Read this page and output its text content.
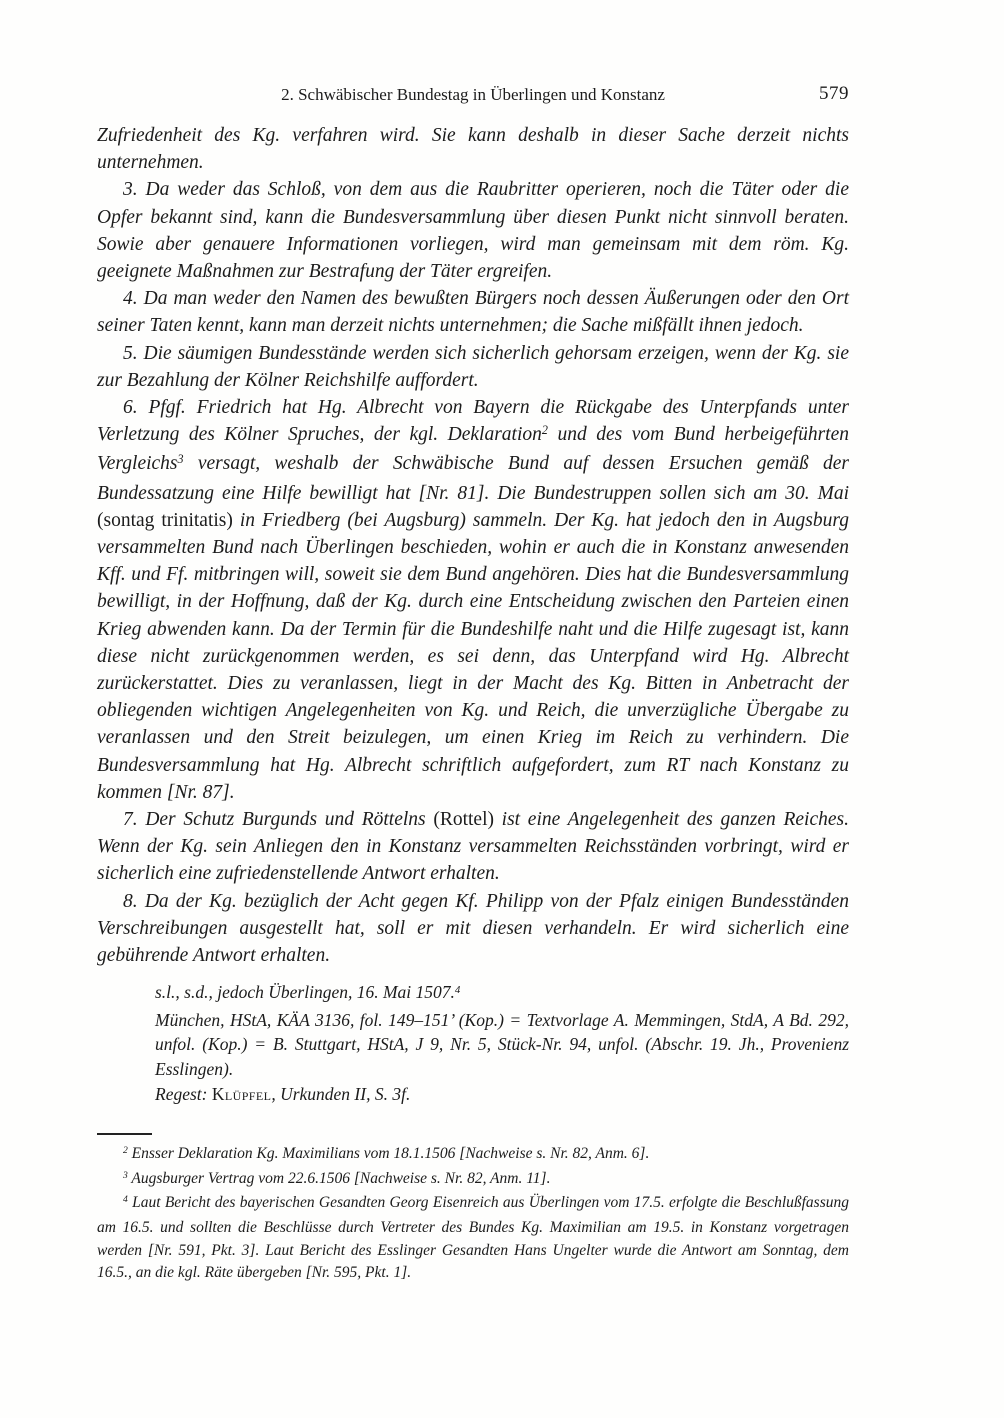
2. Schwäbischer Bundestag in Überlingen und Konstanz	579

Zufriedenheit des Kg. verfahren wird. Sie kann deshalb in dieser Sache derzeit nichts unternehmen.

3. Da weder das Schloß, von dem aus die Raubritter operieren, noch die Täter oder die Opfer bekannt sind, kann die Bundesversammlung über diesen Punkt nicht sinnvoll beraten. Sowie aber genauere Informationen vorliegen, wird man gemeinsam mit dem röm. Kg. geeignete Maßnahmen zur Bestrafung der Täter ergreifen.

4. Da man weder den Namen des bewußten Bürgers noch dessen Äußerungen oder den Ort seiner Taten kennt, kann man derzeit nichts unternehmen; die Sache mißfällt ihnen jedoch.

5. Die säumigen Bundesstände werden sich sicherlich gehorsam erzeigen, wenn der Kg. sie zur Bezahlung der Kölner Reichshilfe auffordert.

6. Pfgf. Friedrich hat Hg. Albrecht von Bayern die Rückgabe des Unterpfands unter Verletzung des Kölner Spruches, der kgl. Deklaration$^2$ und des vom Bund herbeigeführten Vergleichs$^3$ versagt, weshalb der Schwäbische Bund auf dessen Ersuchen gemäß der Bundessatzung eine Hilfe bewilligt hat [Nr. 81]. Die Bundestruppen sollen sich am 30. Mai (sontag trinitatis) in Friedberg (bei Augsburg) sammeln. Der Kg. hat jedoch den in Augsburg versammelten Bund nach Überlingen beschieden, wohin er auch die in Konstanz anwesenden Kff. und Ff. mitbringen will, soweit sie dem Bund angehören. Dies hat die Bundesversammlung bewilligt, in der Hoffnung, daß der Kg. durch eine Entscheidung zwischen den Parteien einen Krieg abwenden kann. Da der Termin für die Bundeshilfe naht und die Hilfe zugesagt ist, kann diese nicht zurückgenommen werden, es sei denn, das Unterpfand wird Hg. Albrecht zurückerstattet. Dies zu veranlassen, liegt in der Macht des Kg. Bitten in Anbetracht der obliegenden wichtigen Angelegenheiten von Kg. und Reich, die unverzügliche Übergabe zu veranlassen und den Streit beizulegen, um einen Krieg im Reich zu verhindern. Die Bundesversammlung hat Hg. Albrecht schriftlich aufgefordert, zum RT nach Konstanz zu kommen [Nr. 87].

7. Der Schutz Burgunds und Röttelns (Rottel) ist eine Angelegenheit des ganzen Reiches. Wenn der Kg. sein Anliegen den in Konstanz versammelten Reichsständen vorbringt, wird er sicherlich eine zufriedenstellende Antwort erhalten.

8. Da der Kg. bezüglich der Acht gegen Kf. Philipp von der Pfalz einigen Bundesständen Verschreibungen ausgestellt hat, soll er mit diesen verhandeln. Er wird sicherlich eine gebührende Antwort erhalten.

s.l., s.d., jedoch Überlingen, 16. Mai 1507.$^4$

München, HStA, KÄA 3136, fol. 149–151’ (Kop.) = Textvorlage A. Memmingen, StdA, A Bd. 292, unfol. (Kop.) = B. Stuttgart, HStA, J 9, Nr. 5, Stück-Nr. 94, unfol. (Abschr. 19. Jh., Provenienz Esslingen).

Regest: Klüpfel, Urkunden II, S. 3f.

$^2$ Ensser Deklaration Kg. Maximilians vom 18.1.1506 [Nachweise s. Nr. 82, Anm. 6].

$^3$ Augsburger Vertrag vom 22.6.1506 [Nachweise s. Nr. 82, Anm. 11].

$^4$ Laut Bericht des bayerischen Gesandten Georg Eisenreich aus Überlingen vom 17.5. erfolgte die Beschlußfassung am 16.5. und sollten die Beschlüsse durch Vertreter des Bundes Kg. Maximilian am 19.5. in Konstanz vorgetragen werden [Nr. 591, Pkt. 3]. Laut Bericht des Esslinger Gesandten Hans Ungelter wurde die Antwort am Sonntag, dem 16.5., an die kgl. Räte übergeben [Nr. 595, Pkt. 1].
